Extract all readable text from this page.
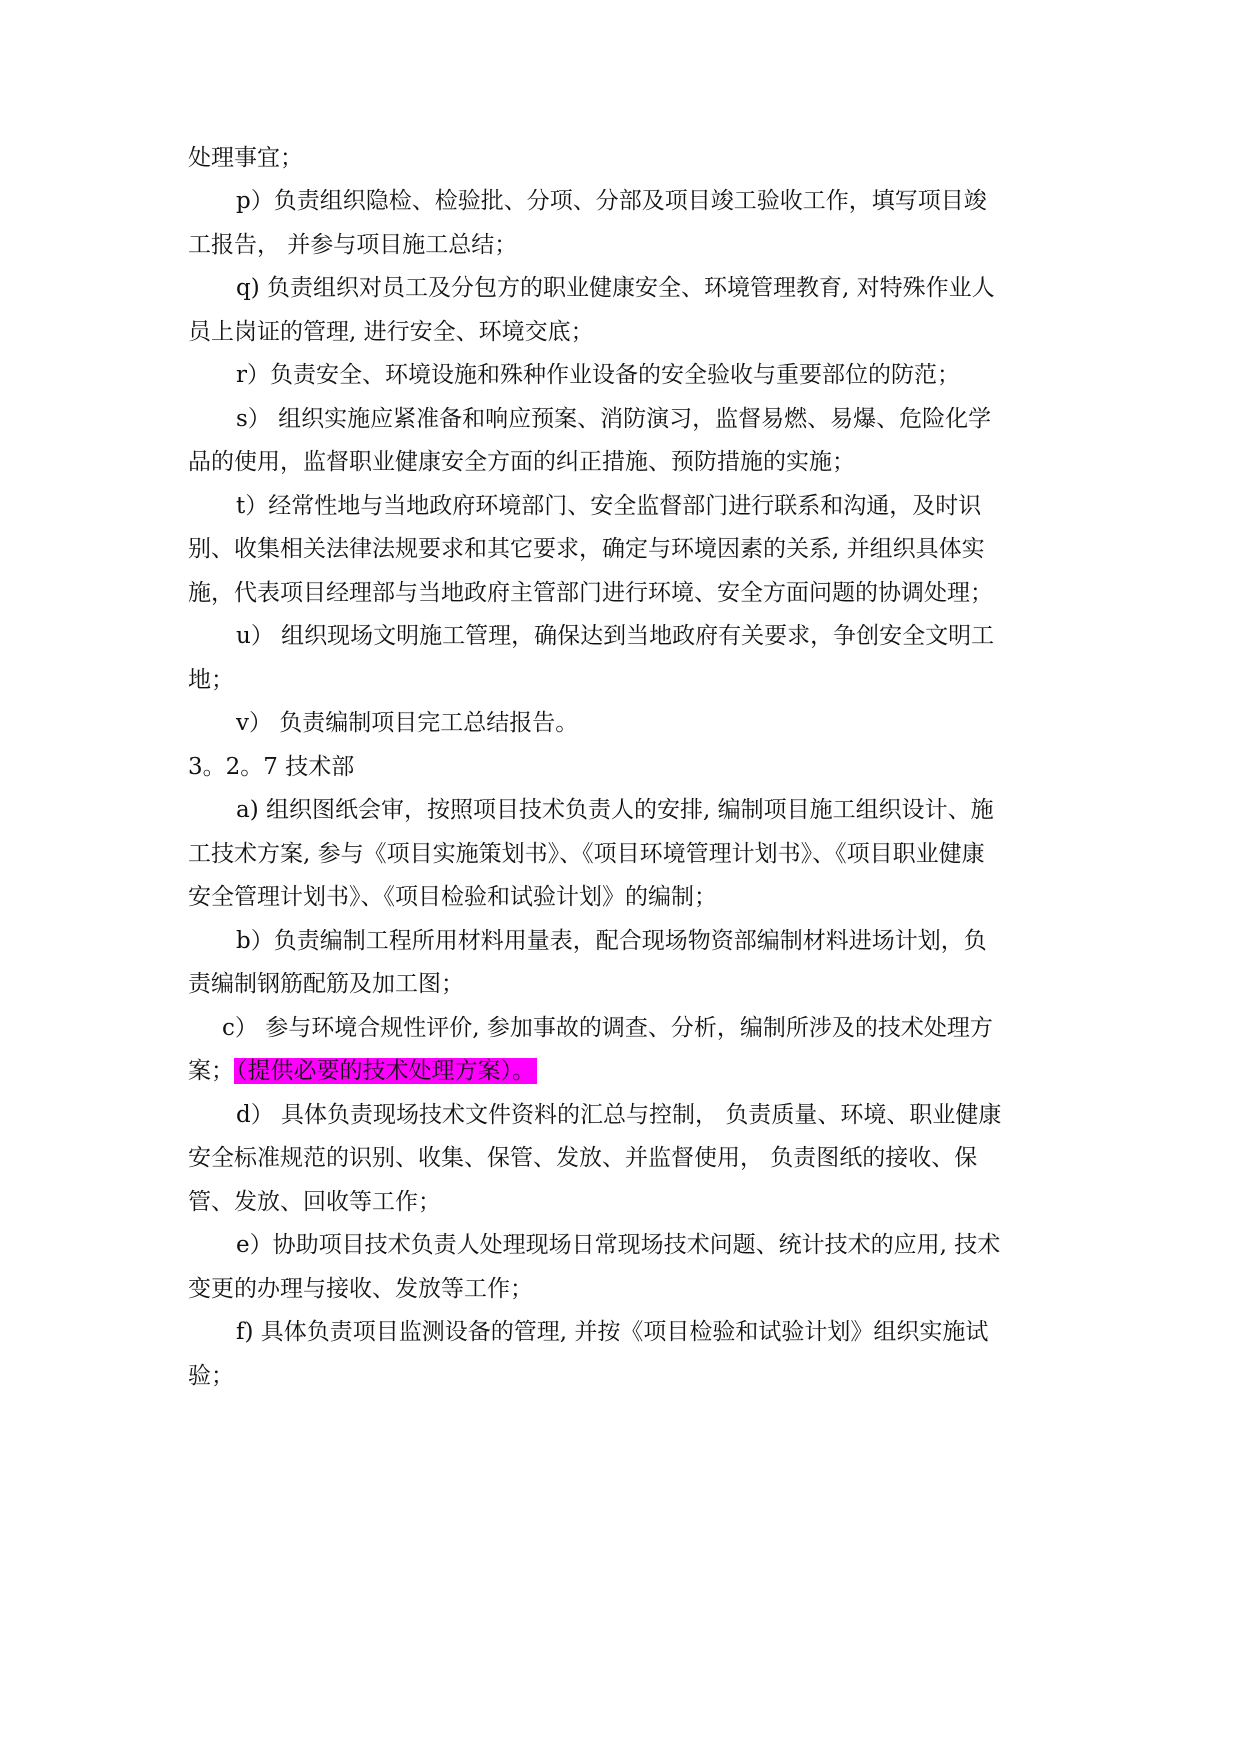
处理事宜；
p）负责组织隐检、检验批、分项、分部及项目竣工验收工作，填写项目竣
工报告， 并参与项目施工总结；
q) 负责组织对员工及分包方的职业健康安全、环境管理教育, 对特殊作业人
员上岗证的管理, 进行安全、环境交底；
r）负责安全、环境设施和殊种作业设备的安全验收与重要部位的防范；
s） 组织实施应紧准备和响应预案、消防演习，监督易燃、易爆、危险化学
品的使用，监督职业健康安全方面的纠正措施、预防措施的实施；
t）经常性地与当地政府环境部门、安全监督部门进行联系和沟通，及时识
别、收集相关法律法规要求和其它要求，确定与环境因素的关系, 并组织具体实
施，代表项目经理部与当地政府主管部门进行环境、安全方面问题的协调处理；
u） 组织现场文明施工管理，确保达到当地政府有关要求，争创安全文明工
地；
v） 负责编制项目完工总结报告。
3。2。7 技术部
a) 组织图纸会审，按照项目技术负责人的安排, 编制项目施工组织设计、施
工技术方案, 参与《项目实施策划书》、《项目环境管理计划书》、《项目职业健康
安全管理计划书》、《项目检验和试验计划》的编制；
b）负责编制工程所用材料用量表，配合现场物资部编制材料进场计划，负
责编制钢筋配筋及加工图；
c） 参与环境合规性评价, 参加事故的调查、分析，编制所涉及的技术处理方
案；（提供必要的技术处理方案）。
d） 具体负责现场技术文件资料的汇总与控制， 负责质量、环境、职业健康
安全标准规范的识别、收集、保管、发放、并监督使用， 负责图纸的接收、保
管、发放、回收等工作；
e）协助项目技术负责人处理现场日常现场技术问题、统计技术的应用, 技术
变更的办理与接收、发放等工作；
f) 具体负责项目监测设备的管理, 并按《项目检验和试验计划》组织实施试
验；
